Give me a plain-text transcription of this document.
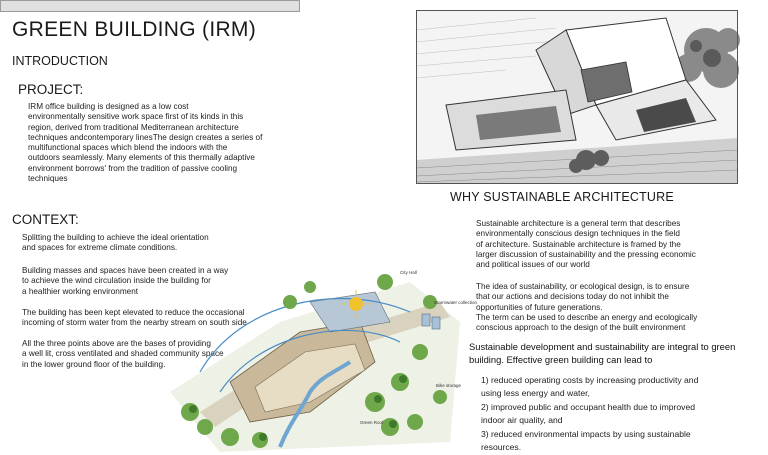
GREEN BUILDING (IRM)
INTRODUCTION
PROJECT:
IRM office building is designed as a low cost
environmentally sensitive work space first of its kinds in this
region, derived from traditional Mediterranean architecture
techniques andcontemporary linesThe design creates a series of
multifunctional spaces which blend the indoors with the
outdoors seamlessly. Many elements of this thermally adaptive
environment borrows' from the tradition of passive cooling
techniques
CONTEXT:
Splitting the building to achieve the ideal orientation
and spaces for extreme climate conditions.
Building masses and spaces have been created in a way
to achieve the wind circulation inside the building for
a healthier working environment
The building has been kept elevated to reduce the occasional
incoming of storm water from the nearby stream on south side
All the three points above are the bases of providing
a well lit, cross ventilated and shaded community space
in the lower ground floor of the building.
WHY SUSTAINABLE ARCHITECTURE
Sustainable architecture is a general term that describes
environmentally conscious design techniques in the field
of architecture. Sustainable architecture is framed by the
larger discussion of sustainability and the pressing economic
and political issues of our world
The idea of sustainability, or ecological design, is to ensure
that our actions and decisions today do not inhibit the
opportunities of future generations.
The term can be used to describe an energy and ecologically
conscious approach to the design of the built environment
Sustainable development and sustainability are integral to green
building. Effective green building can lead to
1) reduced operating costs by increasing productivity and
using less energy and water,
2) improved public and occupant health due to improved
indoor air quality, and
3) reduced environmental impacts by using sustainable
resources.
City Hall
Stormwater collection
Bike storage
Green Roof
